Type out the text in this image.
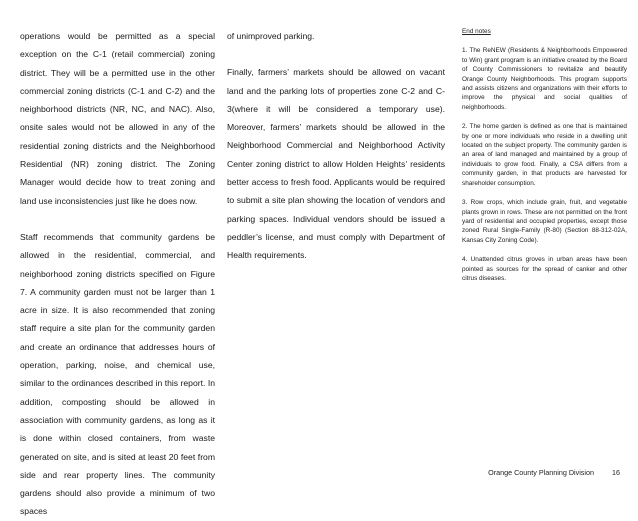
operations would be permitted as a special exception on the C-1 (retail commercial) zoning district. They will be a permitted use in the other commercial zoning districts (C-1 and C-2) and the neighborhood districts (NR, NC, and NAC). Also, onsite sales would not be allowed in any of the residential zoning districts and the Neighborhood Residential (NR) zoning district. The Zoning Manager would decide how to treat zoning and land use inconsistencies just like he does now.

Staff recommends that community gardens be allowed in the residential, commercial, and neighborhood zoning districts specified on Figure 7. A community garden must not be larger than 1 acre in size. It is also recommended that zoning staff require a site plan for the community garden and create an ordinance that addresses hours of operation, parking, noise, and chemical use, similar to the ordinances described in this report. In addition, composting should be allowed in association with community gardens, as long as it is done within closed containers, from waste generated on site, and is sited at least 20 feet from side and rear property lines. The community gardens should also provide a minimum of two spaces

of unimproved parking.

Finally, farmers’ markets should be allowed on vacant land and the parking lots of properties zone C-2 and C-3(where it will be considered a temporary use). Moreover, farmers’ markets should be allowed in the Neighborhood Commercial and Neighborhood Activity Center zoning district to allow Holden Heights’ residents better access to fresh food. Applicants would be required to submit a site plan showing the location of vendors and parking spaces. Individual vendors should be issued a peddler’s license, and must comply with Department of Health requirements.

End notes

1. The ReNEW (Residents & Neighborhoods Empowered to Win) grant program is an initiative created by the Board of County Commissioners to revitalize and beautify Orange County Neighborhoods. This program supports and assists citizens and organizations with their efforts to improve the physical and social qualities of neighborhoods.

2. The home garden is defined as one that is maintained by one or more individuals who reside in a dwelling unit located on the subject property. The community garden is an area of land managed and maintained by a group of individuals to grow food. Finally, a CSA differs from a community garden, in that products are harvested for shareholder consumption.

3. Row crops, which include grain, fruit, and vegetable plants grown in rows. These are not permitted on the front yard of residential and occupied properties, except those zoned Rural Single-Family (R-80) (Section 88-312-02A, Kansas City Zoning Code).

4. Unattended citrus groves in urban areas have been pointed as sources for the spread of canker and other citrus diseases.

Orange County Planning Division	16
